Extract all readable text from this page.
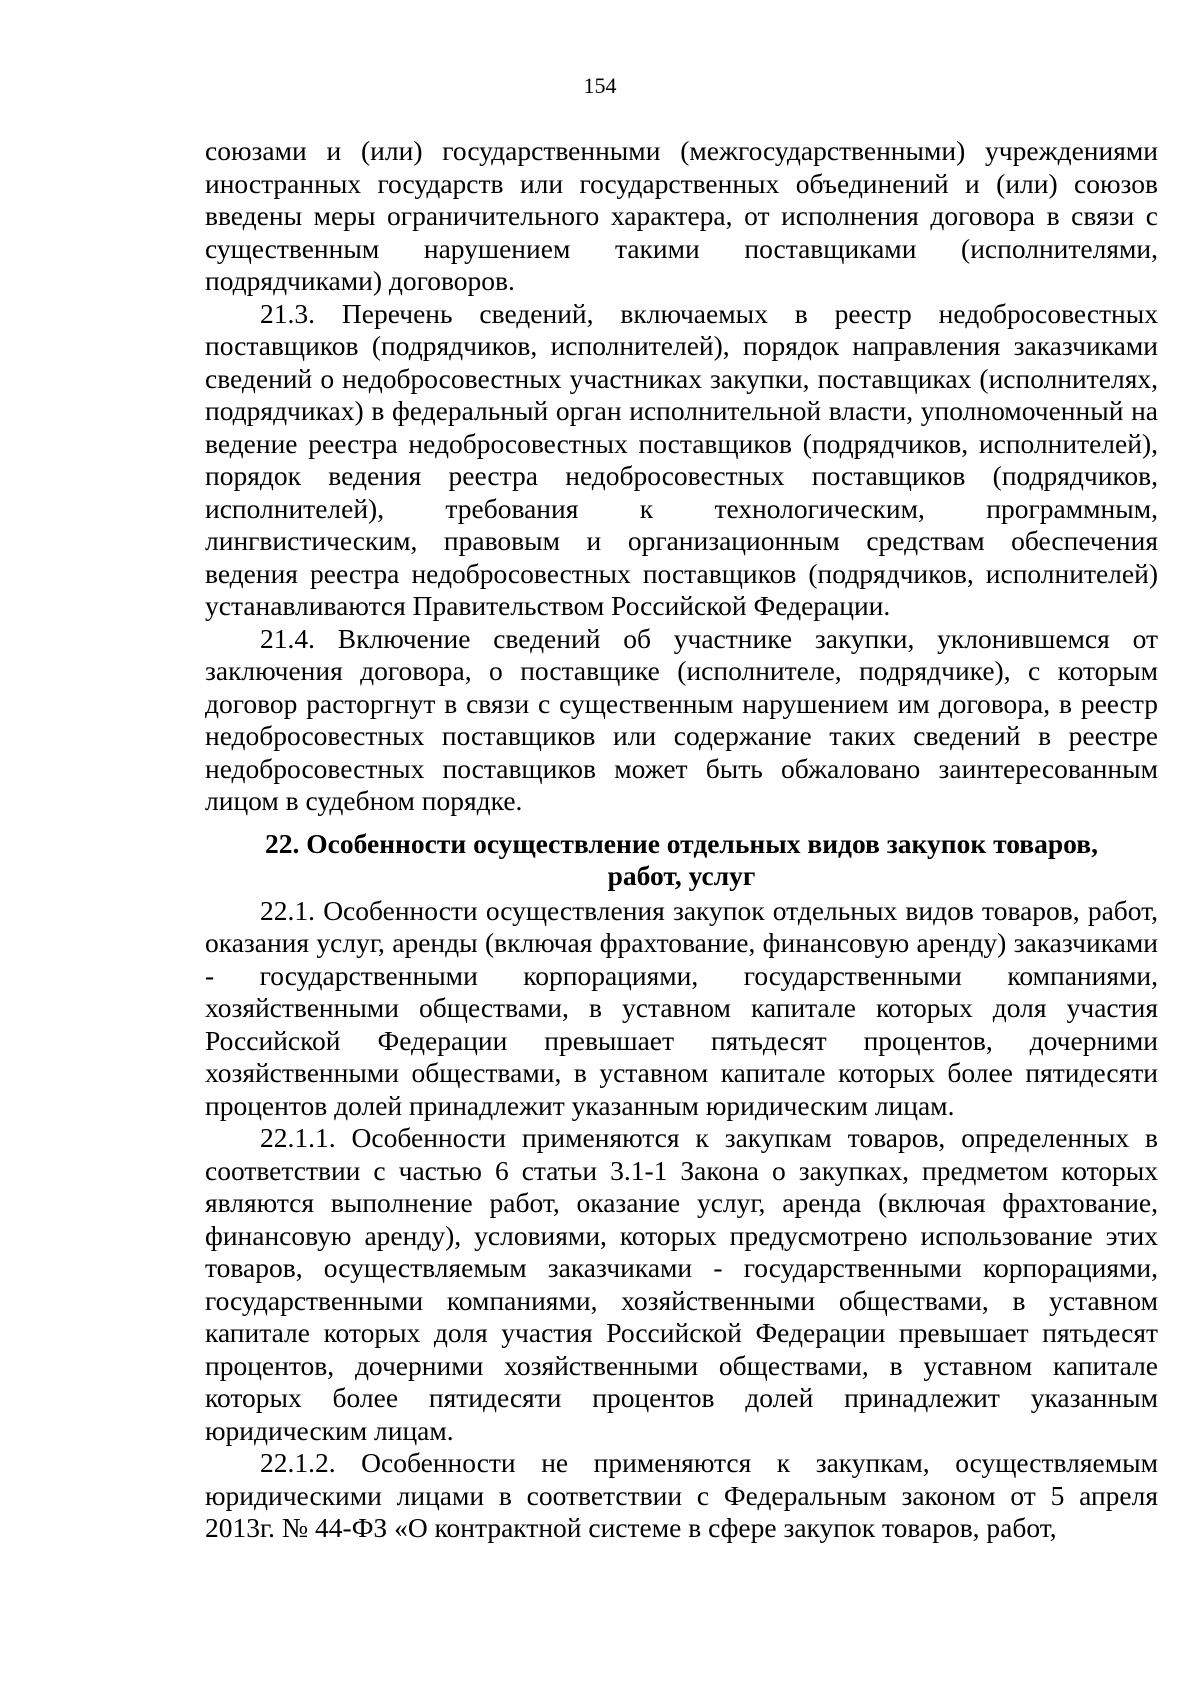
154

союзами и (или) государственными (межгосударственными) учреждениями иностранных государств или государственных объединений и (или) союзов введены меры ограничительного характера, от исполнения договора в связи с существенным нарушением такими поставщиками (исполнителями, подрядчиками) договоров.

21.3. Перечень сведений, включаемых в реестр недобросовестных поставщиков (подрядчиков, исполнителей), порядок направления заказчиками сведений о недобросовестных участниках закупки, поставщиках (исполнителях, подрядчиках) в федеральный орган исполнительной власти, уполномоченный на ведение реестра недобросовестных поставщиков (подрядчиков, исполнителей), порядок ведения реестра недобросовестных поставщиков (подрядчиков, исполнителей), требования к технологическим, программным, лингвистическим, правовым и организационным средствам обеспечения ведения реестра недобросовестных поставщиков (подрядчиков, исполнителей) устанавливаются Правительством Российской Федерации.

21.4. Включение сведений об участнике закупки, уклонившемся от заключения договора, о поставщике (исполнителе, подрядчике), с которым договор расторгнут в связи с существенным нарушением им договора, в реестр недобросовестных поставщиков или содержание таких сведений в реестре недобросовестных поставщиков может быть обжаловано заинтересованным лицом в судебном порядке.

22. Особенности осуществление отдельных видов закупок товаров, работ, услуг

22.1. Особенности осуществления закупок отдельных видов товаров, работ, оказания услуг, аренды (включая фрахтование, финансовую аренду) заказчиками - государственными корпорациями, государственными компаниями, хозяйственными обществами, в уставном капитале которых доля участия Российской Федерации превышает пятьдесят процентов, дочерними хозяйственными обществами, в уставном капитале которых более пятидесяти процентов долей принадлежит указанным юридическим лицам.

22.1.1. Особенности применяются к закупкам товаров, определенных в соответствии с частью 6 статьи 3.1-1 Закона о закупках, предметом которых являются выполнение работ, оказание услуг, аренда (включая фрахтование, финансовую аренду), условиями, которых предусмотрено использование этих товаров, осуществляемым заказчиками - государственными корпорациями, государственными компаниями, хозяйственными обществами, в уставном капитале которых доля участия Российской Федерации превышает пятьдесят процентов, дочерними хозяйственными обществами, в уставном капитале которых более пятидесяти процентов долей принадлежит указанным юридическим лицам.

22.1.2. Особенности не применяются к закупкам, осуществляемым юридическими лицами в соответствии с Федеральным законом от 5 апреля 2013г. № 44-ФЗ «О контрактной системе в сфере закупок товаров, работ,
